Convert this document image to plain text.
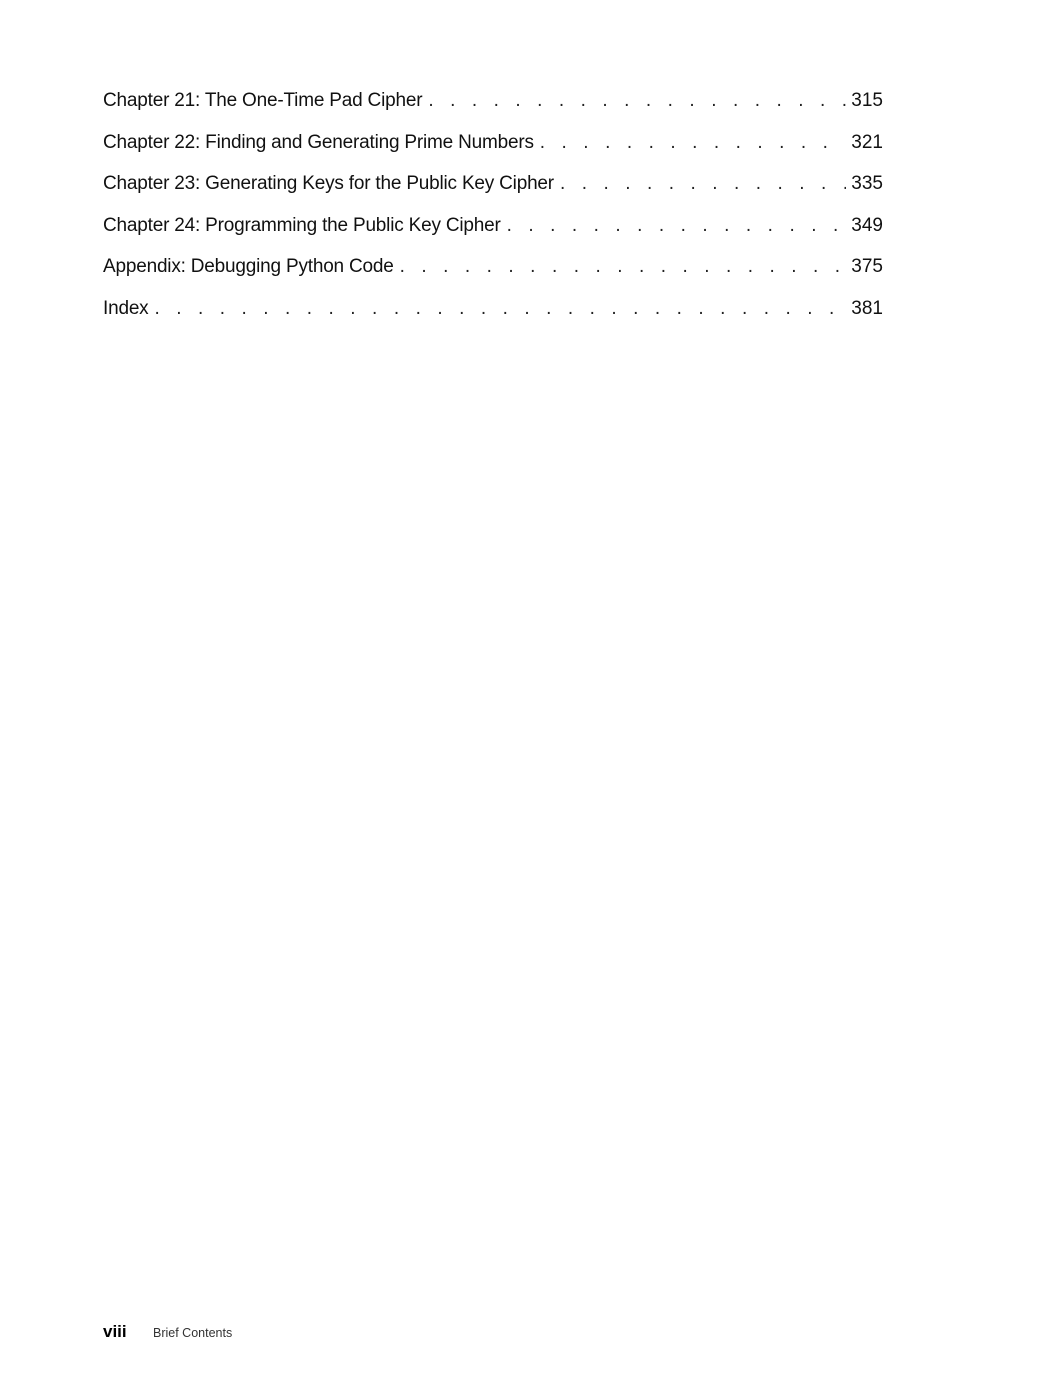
Chapter 21: The One-Time Pad Cipher . . .	315
Chapter 22: Finding and Generating Prime Numbers . . .	321
Chapter 23: Generating Keys for the Public Key Cipher . . .	335
Chapter 24: Programming the Public Key Cipher . . .	349
Appendix: Debugging Python Code . . .	375
Index . . .	381
viii	Brief Contents
